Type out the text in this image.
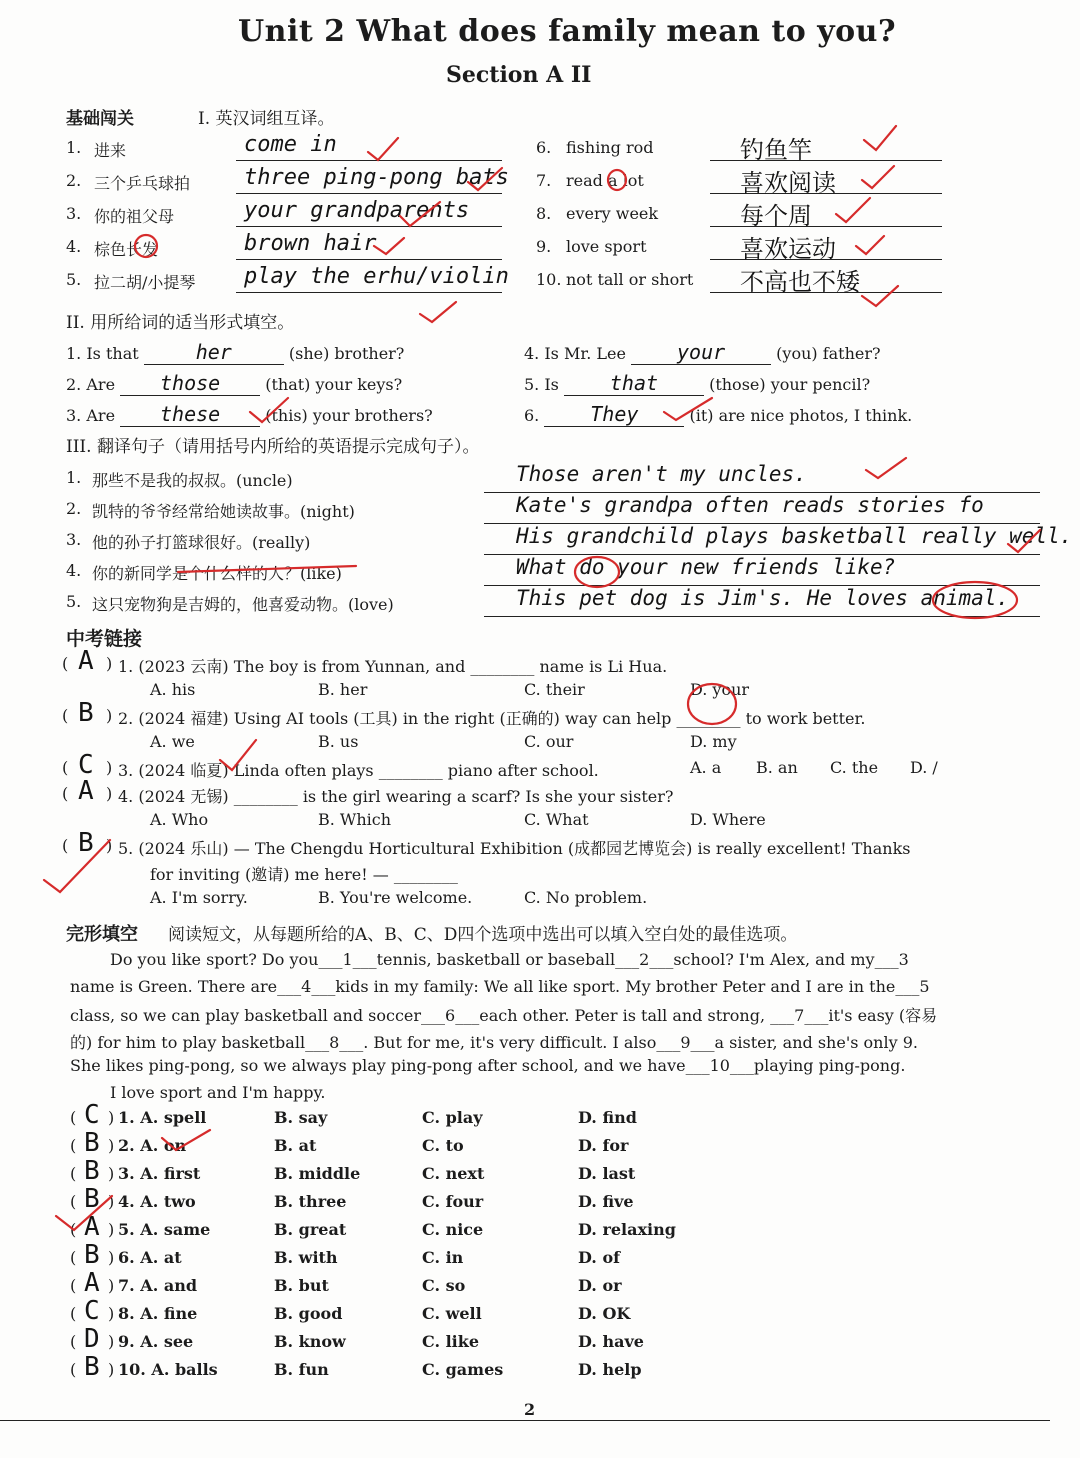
Unit 2 What does family mean to you?
Section A II
基础闯关	I. 英汉词组互译。
1. 进来	come in
2. 三个乒乓球拍 three ping-pong bats
3. 你的祖父母	your grandparents
4. 棕色长发	brown hair
5. 拉二胡/小提琴 play the erhu/violin
6. fishing rod	钓鱼竿
7. read a lot	喜欢阅读
8. every week	每个周
9. love sport	喜欢运动
10. not tall or short 不高也不矮
II. 用所给词的适当形式填空。
1. Is that	her	(she) brother?
2. Are those	(that) your keys?
3. Are these	(this) your brothers?
4. Is Mr. Lee	your	(you) father?
5. Is	that	(those) your pencil?
6.	They	(it) are nice photos, I think.
III. 翻译句子（请用括号内所给的英语提示完成句子）。
1. 那些不是我的叔叔。(uncle)	Those aren't my uncles.
2. 凯特的爷爷经常给她读故事。(night)	Kate's grandpa often reads stories fo
3. 他的孙子打篮球很好。(really)	His grandchild plays basketball really well.
4. 你的新同学是个什么样的人？(like)	What do your new friends like?
5. 这只宠物狗是吉姆的，他喜爱动物。(love)	This pet dog is Jim's. He loves animal.
中考链接
( A ) 1. (2023 云南) The boy is from Yunnan, and ________ name is Li Hua.
A. his	B. her	C. their	D. your
( B ) 2. (2024 福建) Using AI tools (工具) in the right (正确的) way can help ________ to work better.
A. we	B. us	C. our	D. my
( C ) 3. (2024 临夏) Linda often plays ________ piano after school.	A. a B. an C. the D. /
( A ) 4. (2024 无锡) ________ is the girl wearing a scarf? Is she your sister?
A. Who	B. Which	C. What	D. Where
( B ) 5. (2024 乐山) — The Chengdu Horticultural Exhibition (成都园艺博览会) is really excellent! Thanks
for inviting (邀请) me here! — ________
A. I'm sorry.	B. You're welcome.	C. No problem.
完形填空 阅读短文，从每题所给的A、B、C、D四个选项中选出可以填入空白处的最佳选项。
Do you like sport? Do you___1___tennis, basketball or baseball___2___school? I'm Alex, and my___3
name is Green. There are___4___kids in my family: We all like sport. My brother Peter and I are in the___5
class, so we can play basketball and soccer___6___each other. Peter is tall and strong, ___7___it's easy (容易
的) for him to play basketball___8___. But for me, it's very difficult. I also___9___a sister, and she's only 9.
She likes ping-pong, so we always play ping-pong after school, and we have___10___playing ping-pong.
I love sport and I'm happy.
( C ) 1. A. spell	B. say	C. play	D. find
( B ) 2. A. on	B. at	C. to	D. for
( B ) 3. A. first	B. middle	C. next	D. last
( B ) 4. A. two	B. three	C. four	D. five
( A ) 5. A. same	B. great	C. nice	D. relaxing
( B ) 6. A. at	B. with	C. in	D. of
( A ) 7. A. and	B. but	C. so	D. or
( C ) 8. A. fine	B. good	C. well	D. OK
( D ) 9. A. see	B. know	C. like	D. have
( B ) 10. A. balls	B. fun	C. games	D. help
2
